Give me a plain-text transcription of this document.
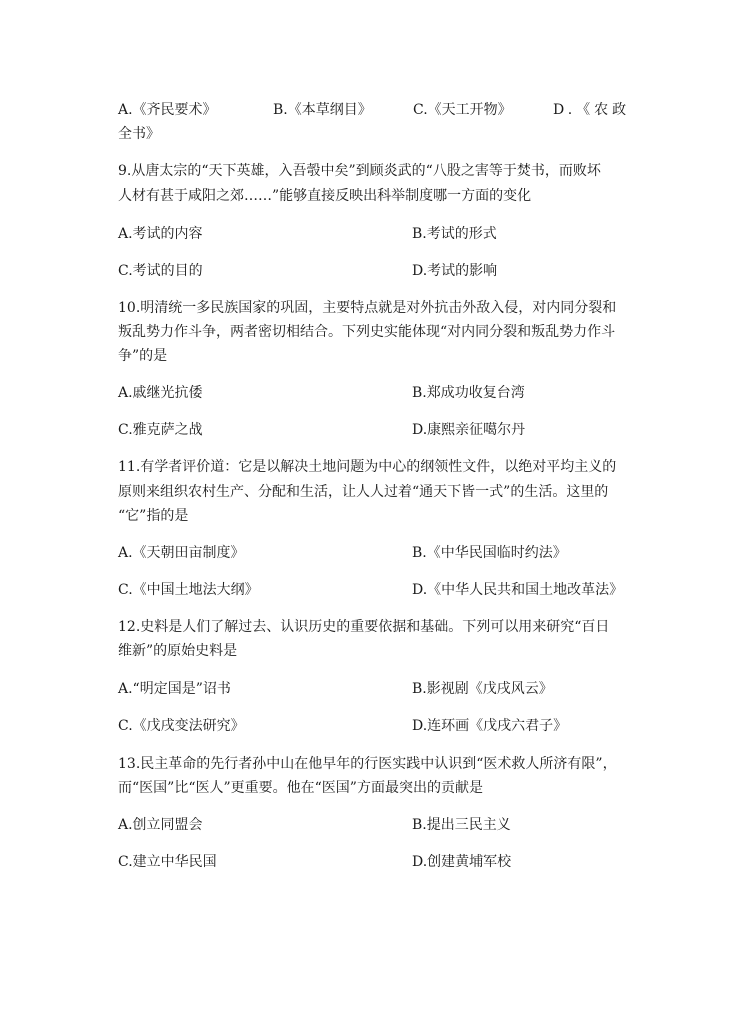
A.《齐民要术》	B.《本草纲目》	C.《天工开物》	D.《农政
全书》
9.从唐太宗的“天下英雄，入吾彀中矣”到顾炎武的“八股之害等于焚书，而败坏
人材有甚于咸阳之郊……”能够直接反映出科举制度哪一方面的变化
A.考试的内容	B.考试的形式
C.考试的目的	D.考试的影响
10.明清统一多民族国家的巩固，主要特点就是对外抗击外敌入侵，对内同分裂和
叛乱势力作斗争，两者密切相结合。下列史实能体现“对内同分裂和叛乱势力作斗
争”的是
A.戚继光抗倭	B.郑成功收复台湾
C.雅克萨之战	D.康熙亲征噶尔丹
11.有学者评价道：它是以解决土地问题为中心的纲领性文件，以绝对平均主义的
原则来组织农村生产、分配和生活，让人人过着“通天下皆一式”的生活。这里的
“它”指的是
A.《天朝田亩制度》	B.《中华民国临时约法》
C.《中国土地法大纲》	D.《中华人民共和国土地改革法》
12.史料是人们了解过去、认识历史的重要依据和基础。下列可以用来研究“百日
维新”的原始史料是
A.“明定国是”诏书	B.影视剧《戊戌风云》
C.《戊戌变法研究》	D.连环画《戊戌六君子》
13.民主革命的先行者孙中山在他早年的行医实践中认识到“医术救人所济有限”，
而“医国”比“医人”更重要。他在“医国”方面最突出的贡献是
A.创立同盟会	B.提出三民主义
C.建立中华民国	D.创建黄埔军校
